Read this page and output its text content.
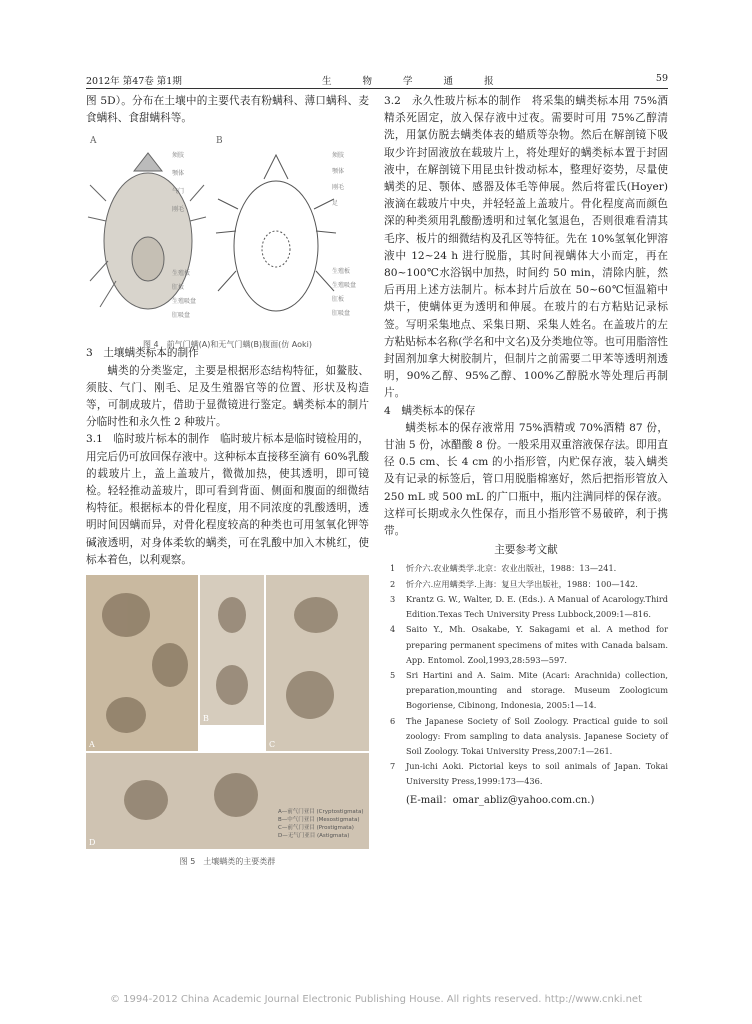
2012年 第47卷 第1期	生 物 学 通 报	59

图 5D）。分布在土壤中的主要代表有粉螨科、薄口螨科、麦食螨科、食甜螨科等。

A
须肢
颚体
气门
刚毛
生殖板
肛板
生殖吸盘
肛吸盘
B
须肢
颚体
刚毛
足
生殖板
生殖吸盘
肛板
肛吸盘
图 4　前气门螨(A)和无气门螨(B)腹面(仿 Aoki)

3　土壤螨类标本的制作

螨类的分类鉴定，主要是根据形态结构特征，如鳌肢、须肢、气门、刚毛、足及生殖器官等的位置、形状及构造等，可制成玻片，借助于显微镜进行鉴定。螨类标本的制片分临时性和永久性 2 种玻片。

3.1　临时玻片标本的制作　临时玻片标本是临时镜检用的，用完后仍可放回保存液中。这种标本直接移至滴有 60%乳酸的载玻片上，盖上盖玻片，微微加热，使其透明，即可镜检。轻轻推动盖玻片，即可看到背面、侧面和腹面的细微结构特征。根据标本的骨化程度，用不同浓度的乳酸透明，透明时间因螨而异，对骨化程度较高的种类也可用氢氧化钾等碱液透明，对身体柔软的螨类，可在乳酸中加入木桃红，使标本着色，以利观察。

A
B
C
D
A—前气门亚目 (Cryptostigmata)
B—中气门亚目 (Mesostigmata)
C—前气门亚目 (Prostigmata)
D—无气门亚目 (Astigmata)
图 5　土壤螨类的主要类群

3.2　永久性玻片标本的制作　将采集的螨类标本用 75%酒精杀死固定，放入保存液中过夜。需要时可用 75%乙醇清洗，用氯仿脱去螨类体表的蜡质等杂物。然后在解剖镜下吸取少许封固液放在载玻片上，将处理好的螨类标本置于封固液中，在解剖镜下用昆虫针拨动标本，整理好姿势，尽量使螨类的足、颚体、感器及体毛等伸展。然后将霍氏(Hoyer)液滴在载玻片中央，并轻轻盖上盖玻片。骨化程度高而颜色深的种类须用乳酸酚透明和过氧化氢退色，否则很难看清其毛序、板片的细微结构及孔区等特征。先在 10%氢氧化钾溶液中 12~24 h 进行脱脂，其时间视螨体大小而定，再在 80~100℃水浴锅中加热，时间约 50 min，清除内脏，然后再用上述方法制片。标本封片后放在 50~60℃恒温箱中烘干，使螨体更为透明和伸展。在玻片的右方粘贴记录标签。写明采集地点、采集日期、采集人姓名。在盖玻片的左方粘贴标本名称(学名和中文名)及分类地位等。也可用脂溶性封固剂加拿大树胶制片，但制片之前需要二甲苯等透明剂透明，90%乙醇、95%乙醇、100%乙醇脱水等处理后再制片。

4　螨类标本的保存

螨类标本的保存液常用 75%酒精或 70%酒精 87 份，甘油 5 份，冰醋酸 8 份。一般采用双重溶液保存法。即用直径 0.5 cm、长 4 cm 的小指形管，内贮保存液，装入螨类及有记录的标签后，管口用脱脂棉塞好，然后把指形管放入 250 mL 或 500 mL 的广口瓶中，瓶内注满同样的保存液。这样可长期或永久性保存，而且小指形管不易破碎，利于携带。

主要参考文献
1 忻介六.农业螨类学.北京：农业出版社，1988：13—241.
2 忻介六.应用螨类学.上海：复旦大学出版社，1988：100—142.
3 Krantz G. W., Walter, D. E. (Eds.). A Manual of Acarology.Third Edition.Texas Tech University Press Lubbock,2009:1—816.
4 Saito Y., Mh. Osakabe, Y. Sakagami et al. A method for preparing permanent specimens of mites with Canada balsam. App. Entomol. Zool,1993,28:593—597.
5 Sri Hartini and A. Saim. Mite (Acari: Arachnida) collection, preparation,mounting and storage. Museum Zoologicum Bogoriense, Cibinong, Indonesia, 2005:1—14.
6 The Japanese Society of Soil Zoology. Practical guide to soil zoology: From sampling to data analysis. Japanese Society of Soil Zoology. Tokai University Press,2007:1—261.
7 Jun-ichi Aoki. Pictorial keys to soil animals of Japan. Tokai University Press,1999:173—436.
(E-mail：omar_abliz@yahoo.com.cn.)
© 1994-2012 China Academic Journal Electronic Publishing House. All rights reserved. http://www.cnki.net
